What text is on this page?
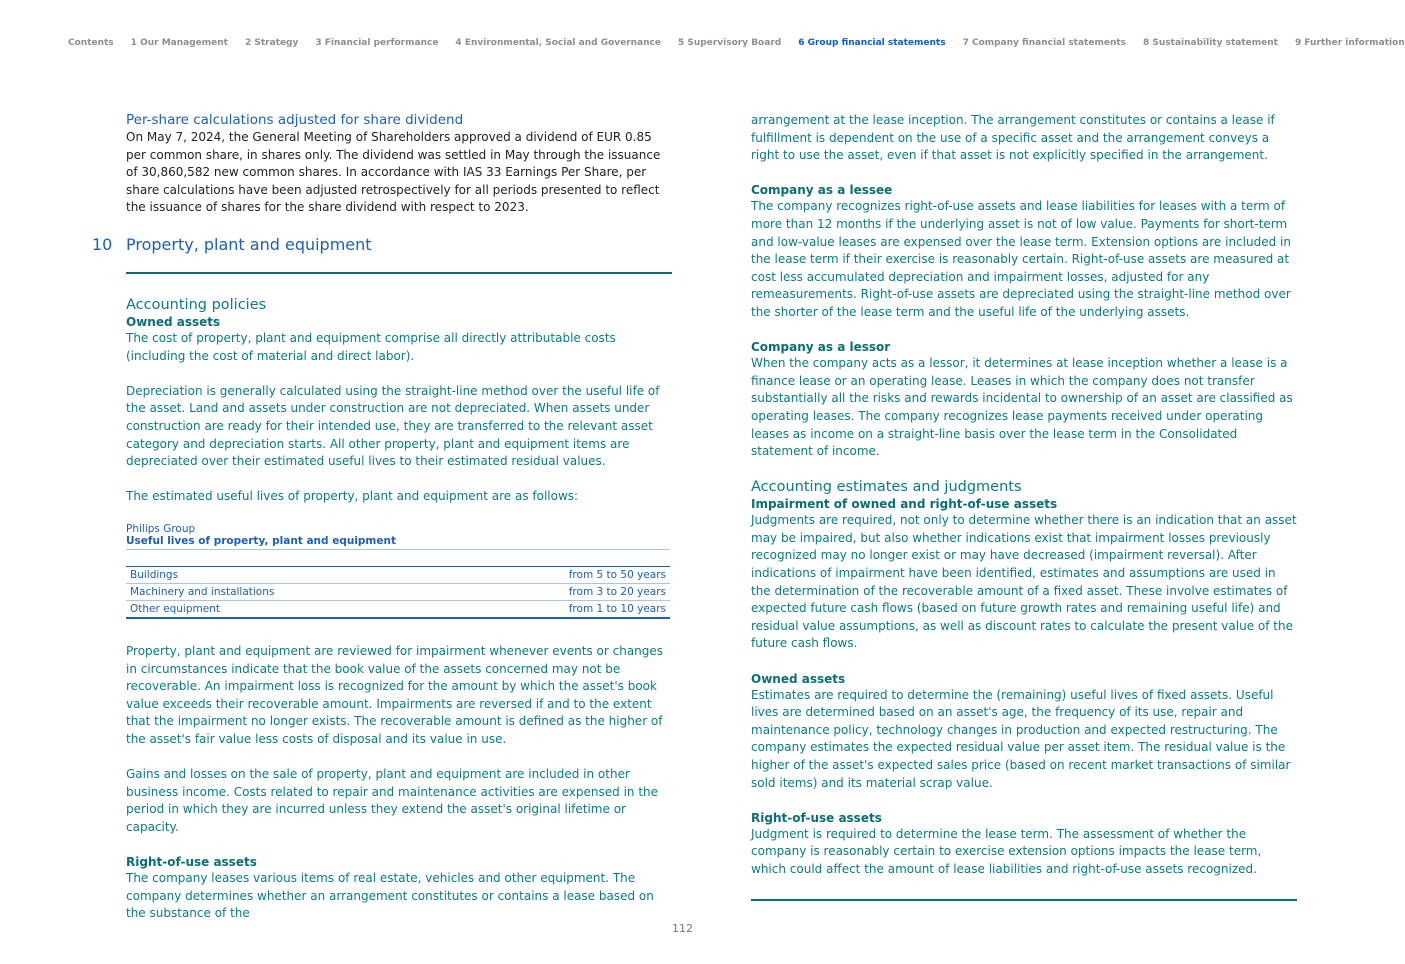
Contents 1 Our Management 2 Strategy 3 Financial performance 4 Environmental, Social and Governance 5 Supervisory Board 6 Group financial statements 7 Company financial statements 8 Sustainability statement 9 Further information

Per-share calculations adjusted for share dividend

On May 7, 2024, the General Meeting of Shareholders approved a dividend of EUR 0.85 per common share, in shares only. The dividend was settled in May through the issuance of 30,860,582 new common shares. In accordance with IAS 33 Earnings Per Share, per share calculations have been adjusted retrospectively for all periods presented to reflect the issuance of shares for the share dividend with respect to 2023.

10 Property, plant and equipment

Accounting policies

Owned assets

The cost of property, plant and equipment comprise all directly attributable costs (including the cost of material and direct labor).

Depreciation is generally calculated using the straight-line method over the useful life of the asset. Land and assets under construction are not depreciated. When assets under construction are ready for their intended use, they are transferred to the relevant asset category and depreciation starts. All other property, plant and equipment items are depreciated over their estimated useful lives to their estimated residual values.

The estimated useful lives of property, plant and equipment are as follows:

Philips Group

Useful lives of property, plant and equipment

Buildings	from 5 to 50 years
Machinery and installations	from 3 to 20 years
Other equipment	from 1 to 10 years

Property, plant and equipment are reviewed for impairment whenever events or changes in circumstances indicate that the book value of the assets concerned may not be recoverable. An impairment loss is recognized for the amount by which the asset's book value exceeds their recoverable amount. Impairments are reversed if and to the extent that the impairment no longer exists. The recoverable amount is defined as the higher of the asset's fair value less costs of disposal and its value in use.

Gains and losses on the sale of property, plant and equipment are included in other business income. Costs related to repair and maintenance activities are expensed in the period in which they are incurred unless they extend the asset's original lifetime or capacity.

Right-of-use assets

The company leases various items of real estate, vehicles and other equipment. The company determines whether an arrangement constitutes or contains a lease based on the substance of the

arrangement at the lease inception. The arrangement constitutes or contains a lease if fulfillment is dependent on the use of a specific asset and the arrangement conveys a right to use the asset, even if that asset is not explicitly specified in the arrangement.

Company as a lessee

The company recognizes right-of-use assets and lease liabilities for leases with a term of more than 12 months if the underlying asset is not of low value. Payments for short-term and low-value leases are expensed over the lease term. Extension options are included in the lease term if their exercise is reasonably certain. Right-of-use assets are measured at cost less accumulated depreciation and impairment losses, adjusted for any remeasurements. Right-of-use assets are depreciated using the straight-line method over the shorter of the lease term and the useful life of the underlying assets.

Company as a lessor

When the company acts as a lessor, it determines at lease inception whether a lease is a finance lease or an operating lease. Leases in which the company does not transfer substantially all the risks and rewards incidental to ownership of an asset are classified as operating leases. The company recognizes lease payments received under operating leases as income on a straight-line basis over the lease term in the Consolidated statement of income.

Accounting estimates and judgments

Impairment of owned and right-of-use assets

Judgments are required, not only to determine whether there is an indication that an asset may be impaired, but also whether indications exist that impairment losses previously recognized may no longer exist or may have decreased (impairment reversal). After indications of impairment have been identified, estimates and assumptions are used in the determination of the recoverable amount of a fixed asset. These involve estimates of expected future cash flows (based on future growth rates and remaining useful life) and residual value assumptions, as well as discount rates to calculate the present value of the future cash flows.

Owned assets

Estimates are required to determine the (remaining) useful lives of fixed assets. Useful lives are determined based on an asset's age, the frequency of its use, repair and maintenance policy, technology changes in production and expected restructuring. The company estimates the expected residual value per asset item. The residual value is the higher of the asset's expected sales price (based on recent market transactions of similar sold items) and its material scrap value.

Right-of-use assets

Judgment is required to determine the lease term. The assessment of whether the company is reasonably certain to exercise extension options impacts the lease term, which could affect the amount of lease liabilities and right-of-use assets recognized.

112
